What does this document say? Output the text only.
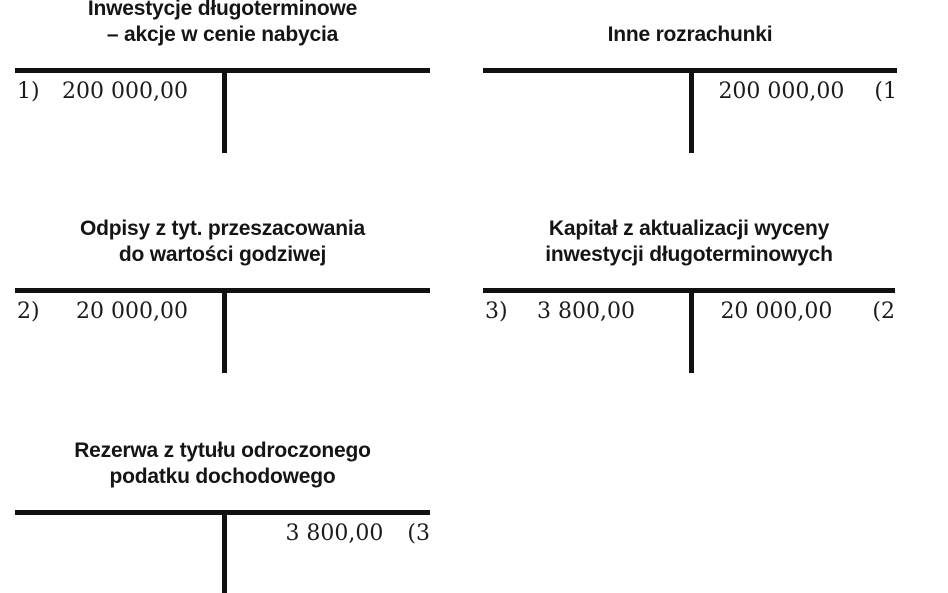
Inwestycje długoterminowe
– akcje w cenie nabycia
1) 200 000,00
Inne rozrachunki
200 000,00 (1
Odpisy z tyt. przeszacowania
do wartości godziwej
2) 20 000,00
Kapitał z aktualizacji wyceny
inwestycji długoterminowych
3) 3 800,00	20 000,00 (2
Rezerwa z tytułu odroczonego
podatku dochodowego
3 800,00 (3
